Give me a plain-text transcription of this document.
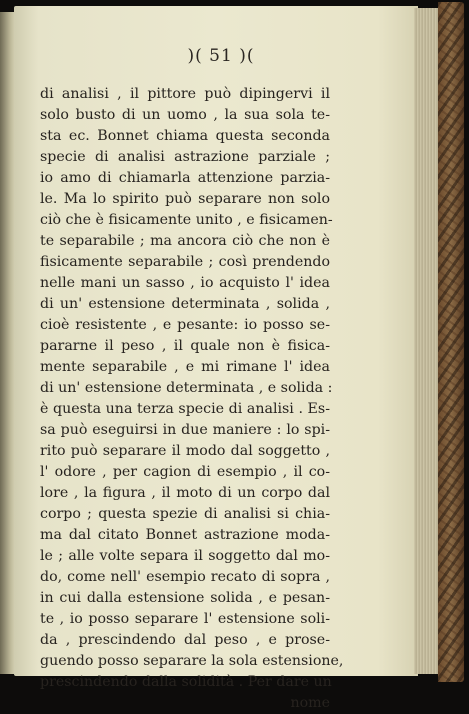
)( 51 )(
di analisi , il pittore può dipingervi il
solo busto di un uomo , la sua sola te-
sta ec. Bonnet chiama questa seconda
specie di analisi astrazione parziale ;
io amo di chiamarla attenzione parzia-
le. Ma lo spirito può separare non solo
ciò che è fisicamente unito , e fisicamen-
te separabile ; ma ancora ciò che non è
fisicamente separabile ; così prendendo
nelle mani un sasso , io acquisto l' idea
di un' estensione determinata , solida ,
cioè resistente , e pesante: io posso se-
pararne il peso , il quale non è fisica-
mente separabile , e mi rimane l' idea
di un' estensione determinata , e solida :
è questa una terza specie di analisi . Es-
sa può eseguirsi in due maniere : lo spi-
rito può separare il modo dal soggetto ,
l' odore , per cagion di esempio , il co-
lore , la figura , il moto di un corpo dal
corpo ; questa spezie di analisi si chia-
ma dal citato Bonnet astrazione moda-
le ; alle volte separa il soggetto dal mo-
do, come nell' esempio recato di sopra ,
in cui dalla estensione solida , e pesan-
te , io posso separare l' estensione soli-
da , prescindendo dal peso , e prose-
guendo posso separare la sola estensione,
prescindendo dalla solidità . Per dare un
nome
